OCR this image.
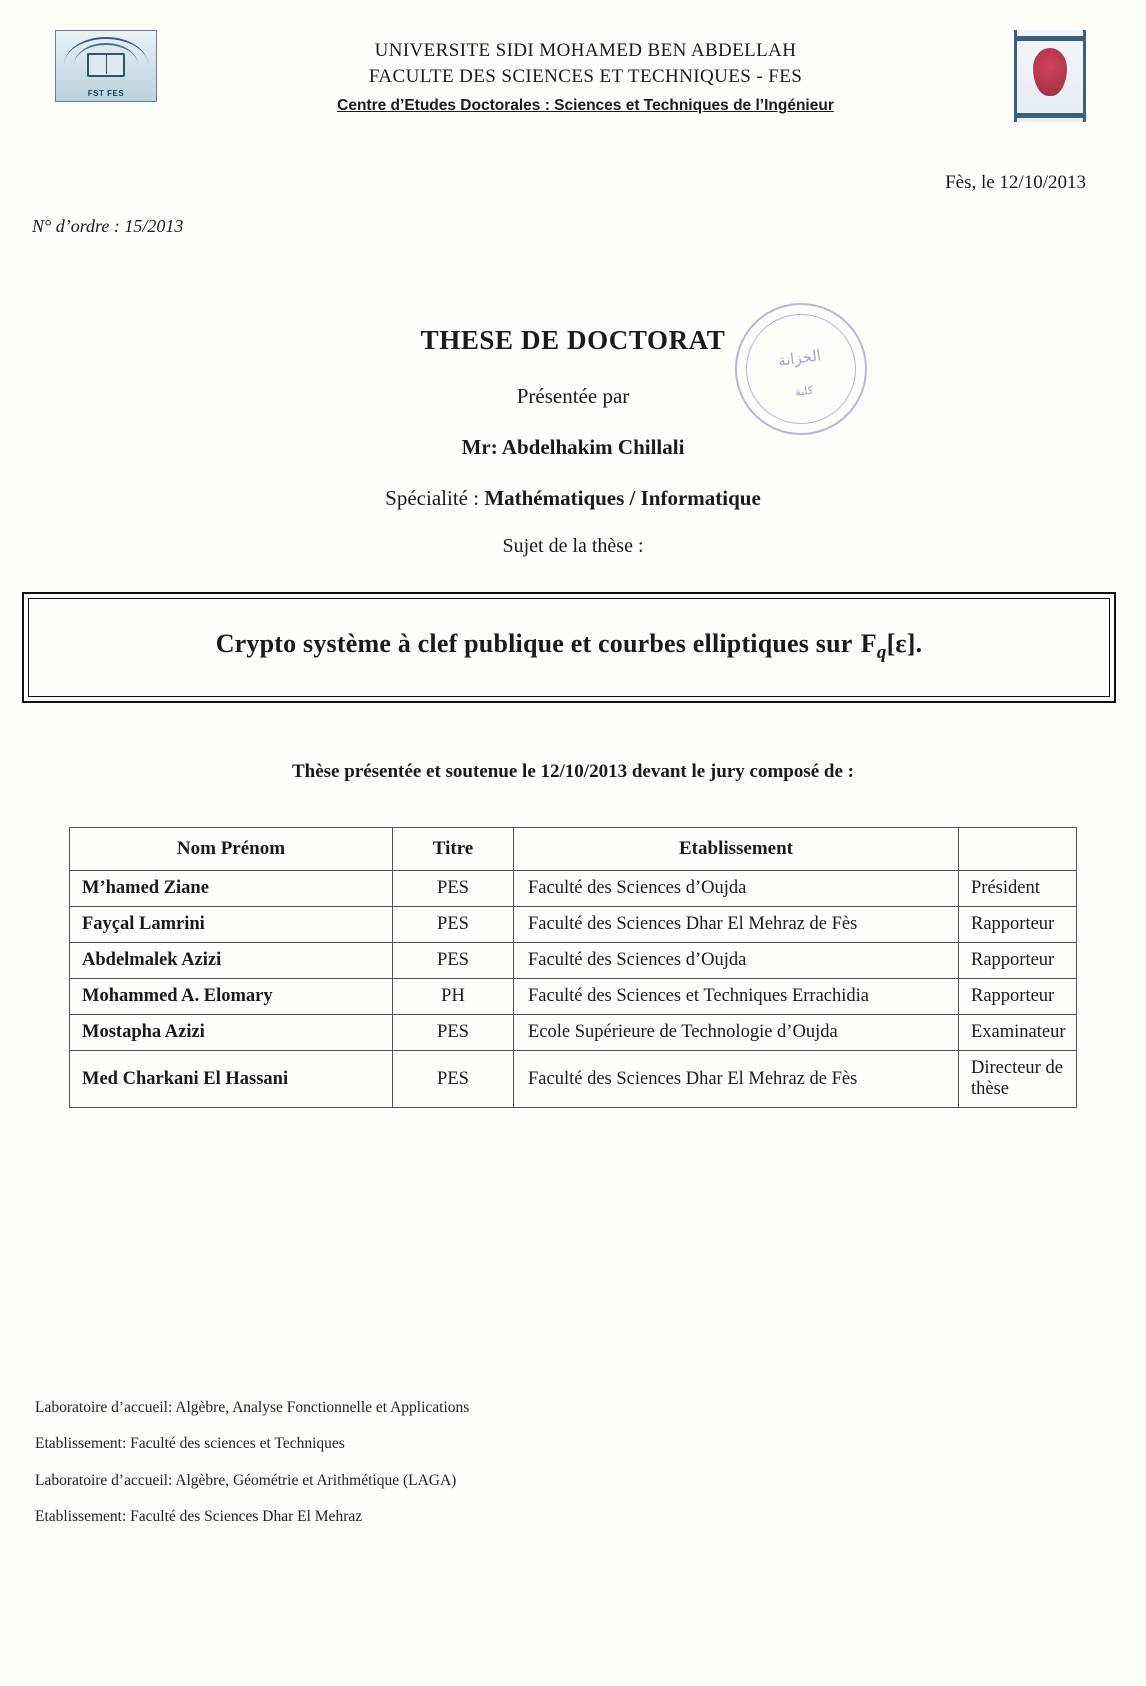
FST FES
UNIVERSITE SIDI MOHAMED BEN ABDELLAH
FACULTE DES SCIENCES ET TECHNIQUES - FES
Centre d’Etudes Doctorales : Sciences et Techniques de l’Ingénieur
Fès, le 12/10/2013
N° d’ordre : 15/2013
THESE DE DOCTORAT
Présentée par
Mr: Abdelhakim Chillali
Spécialité : Mathématiques / Informatique
Sujet de la thèse :
الخزانة
كلية
Crypto système à clef publique et courbes elliptiques sur $F_q[\varepsilon]$.
Thèse présentée et soutenue le 12/10/2013 devant le jury composé de :
Nom Prénom	Titre	Etablissement	
M’hamed Ziane	PES	Faculté des Sciences d’Oujda	Président
Fayçal Lamrini	PES	Faculté des Sciences Dhar El Mehraz de Fès	Rapporteur
Abdelmalek Azizi	PES	Faculté des Sciences d’Oujda	Rapporteur
Mohammed A. Elomary	PH	Faculté des Sciences et Techniques Errachidia	Rapporteur
Mostapha Azizi	PES	Ecole Supérieure de Technologie d’Oujda	Examinateur
Med Charkani El Hassani	PES	Faculté des Sciences Dhar El Mehraz de Fès	Directeur de thèse
Laboratoire d’accueil: Algèbre, Analyse Fonctionnelle et Applications
Etablissement: Faculté des sciences et Techniques
Laboratoire d’accueil: Algèbre, Géométrie et Arithmétique (LAGA)
Etablissement: Faculté des Sciences Dhar El Mehraz
